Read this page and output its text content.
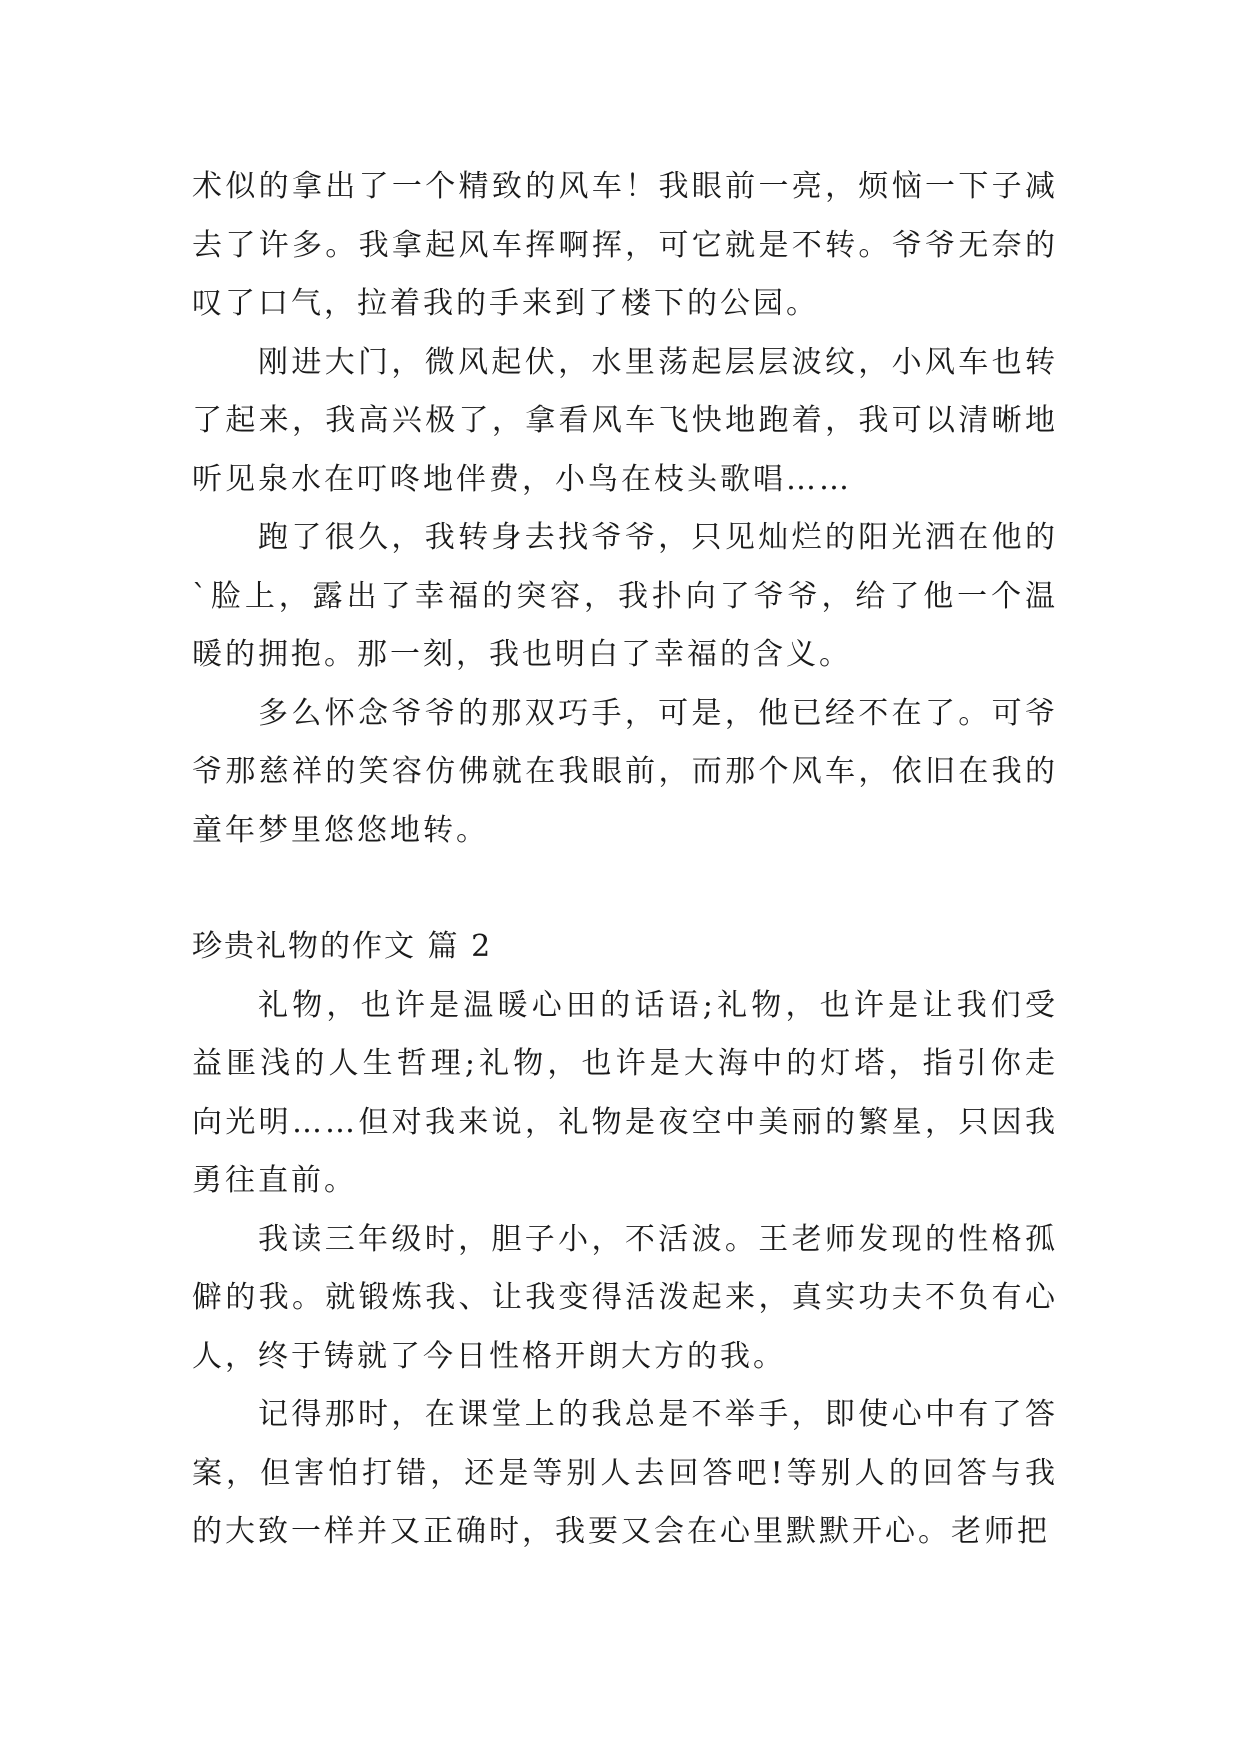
术似的拿出了一个精致的风车！我眼前一亮，烦恼一下子减去了许多。我拿起风车挥啊挥，可它就是不转。爷爷无奈的叹了口气，拉着我的手来到了楼下的公园。

刚进大门，微风起伏，水里荡起层层波纹，小风车也转了起来，我高兴极了，拿看风车飞快地跑着，我可以清晰地听见泉水在叮咚地伴费，小鸟在枝头歌唱……

跑了很久，我转身去找爷爷，只见灿烂的阳光洒在他的`脸上，露出了幸福的突容，我扑向了爷爷，给了他一个温暖的拥抱。那一刻，我也明白了幸福的含义。

多么怀念爷爷的那双巧手，可是，他已经不在了。可爷爷那慈祥的笑容仿佛就在我眼前，而那个风车，依旧在我的童年梦里悠悠地转。

珍贵礼物的作文 篇 2

礼物，也许是温暖心田的话语;礼物，也许是让我们受益匪浅的人生哲理;礼物，也许是大海中的灯塔，指引你走向光明……但对我来说，礼物是夜空中美丽的繁星，只因我勇往直前。

我读三年级时，胆子小，不活波。王老师发现的性格孤僻的我。就锻炼我、让我变得活泼起来，真实功夫不负有心人，终于铸就了今日性格开朗大方的我。

记得那时，在课堂上的我总是不举手，即使心中有了答案，但害怕打错，还是等别人去回答吧!等别人的回答与我的大致一样并又正确时，我要又会在心里默默开心。老师把
